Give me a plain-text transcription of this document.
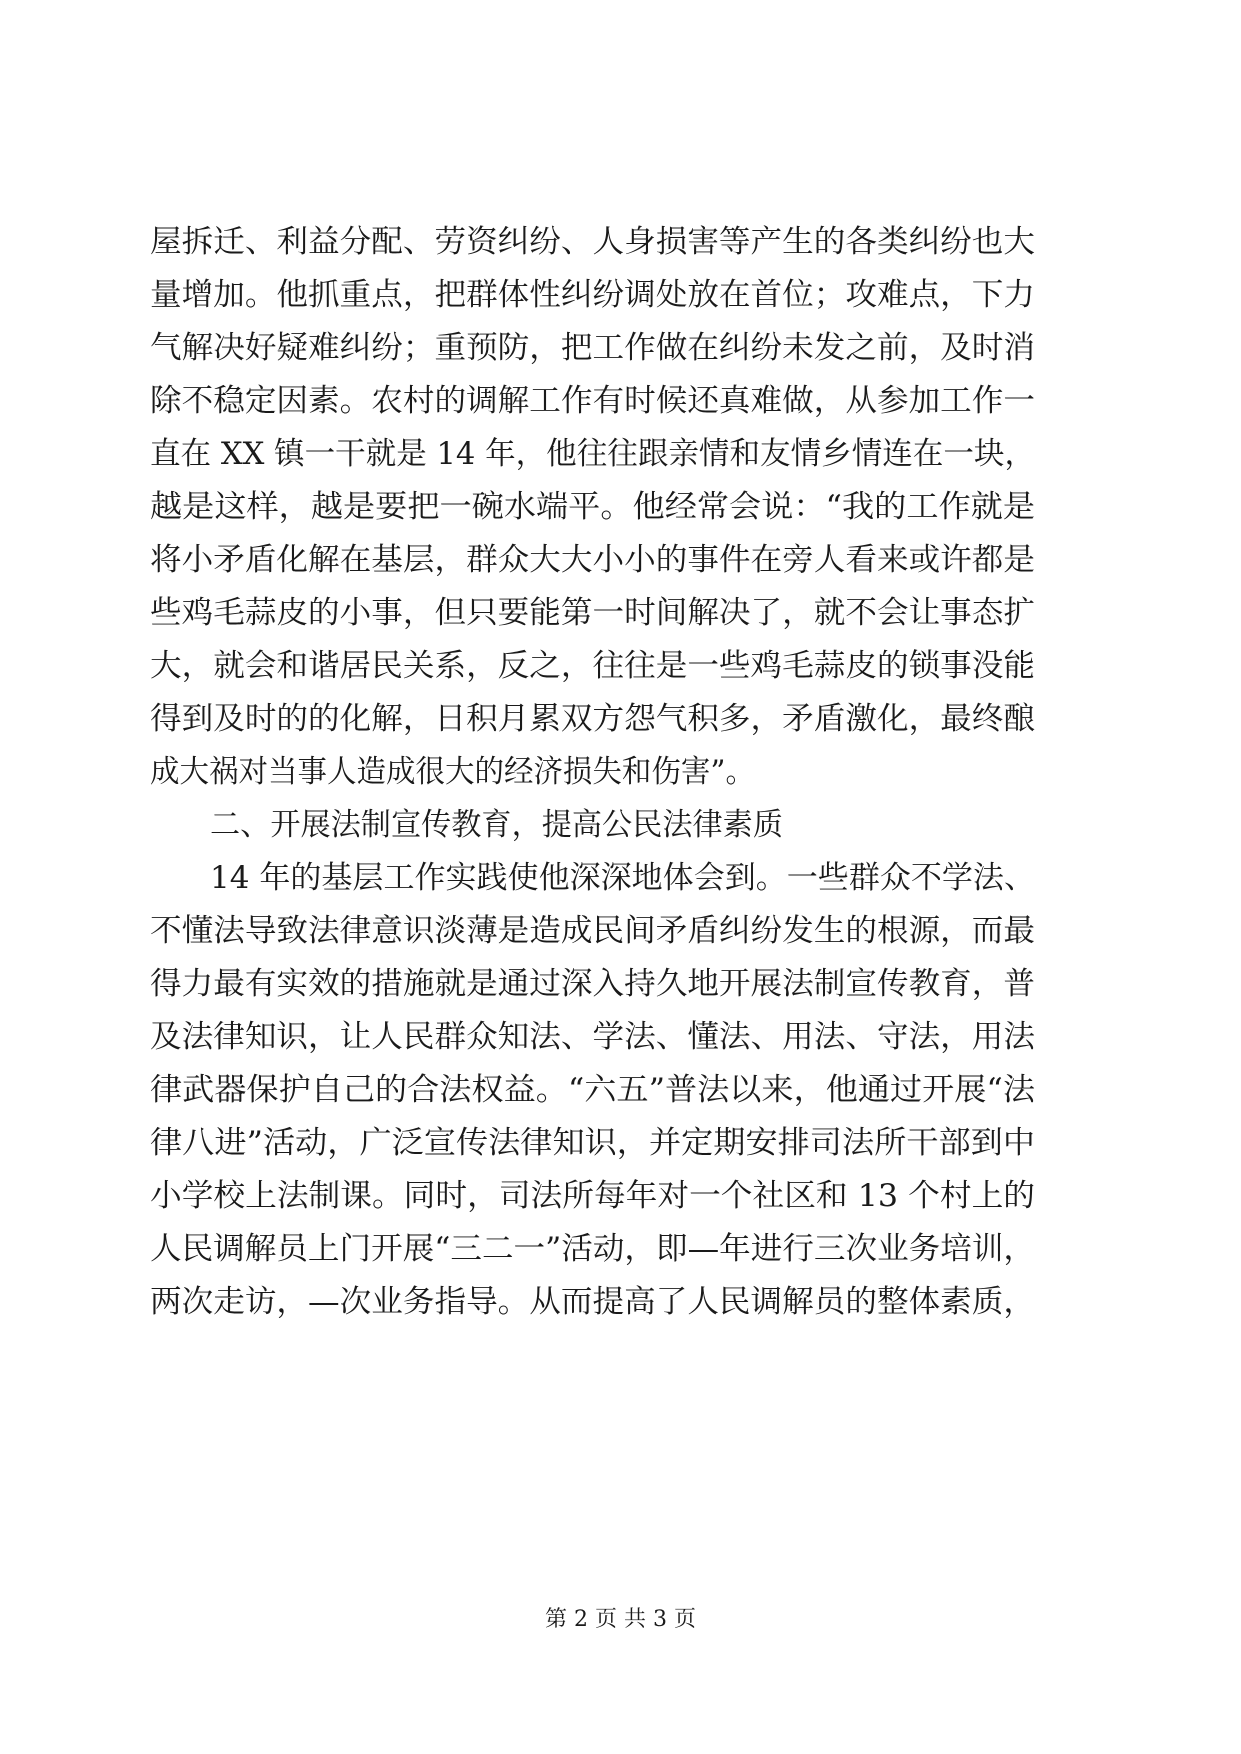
屋拆迁、利益分配、劳资纠纷、人身损害等产生的各类纠纷也大
量增加。他抓重点，把群体性纠纷调处放在首位；攻难点，下力
气解决好疑难纠纷；重预防，把工作做在纠纷未发之前，及时消
除不稳定因素。农村的调解工作有时候还真难做，从参加工作一
直在 XX 镇一干就是 14 年，他往往跟亲情和友情乡情连在一块，
越是这样，越是要把一碗水端平。他经常会说：“我的工作就是
将小矛盾化解在基层，群众大大小小的事件在旁人看来或许都是
些鸡毛蒜皮的小事，但只要能第一时间解决了，就不会让事态扩
大，就会和谐居民关系，反之，往往是一些鸡毛蒜皮的锁事没能
得到及时的的化解，日积月累双方怨气积多，矛盾激化，最终酿
成大祸对当事人造成很大的经济损失和伤害”。
二、开展法制宣传教育，提高公民法律素质
14 年的基层工作实践使他深深地体会到。一些群众不学法、
不懂法导致法律意识淡薄是造成民间矛盾纠纷发生的根源，而最
得力最有实效的措施就是通过深入持久地开展法制宣传教育，普
及法律知识，让人民群众知法、学法、懂法、用法、守法，用法
律武器保护自己的合法权益。“六五”普法以来，他通过开展“法
律八进”活动，广泛宣传法律知识，并定期安排司法所干部到中
小学校上法制课。同时，司法所每年对一个社区和 13 个村上的
人民调解员上门开展“三二一”活动，即—年进行三次业务培训，
两次走访，—次业务指导。从而提高了人民调解员的整体素质，
第 2 页 共 3 页
